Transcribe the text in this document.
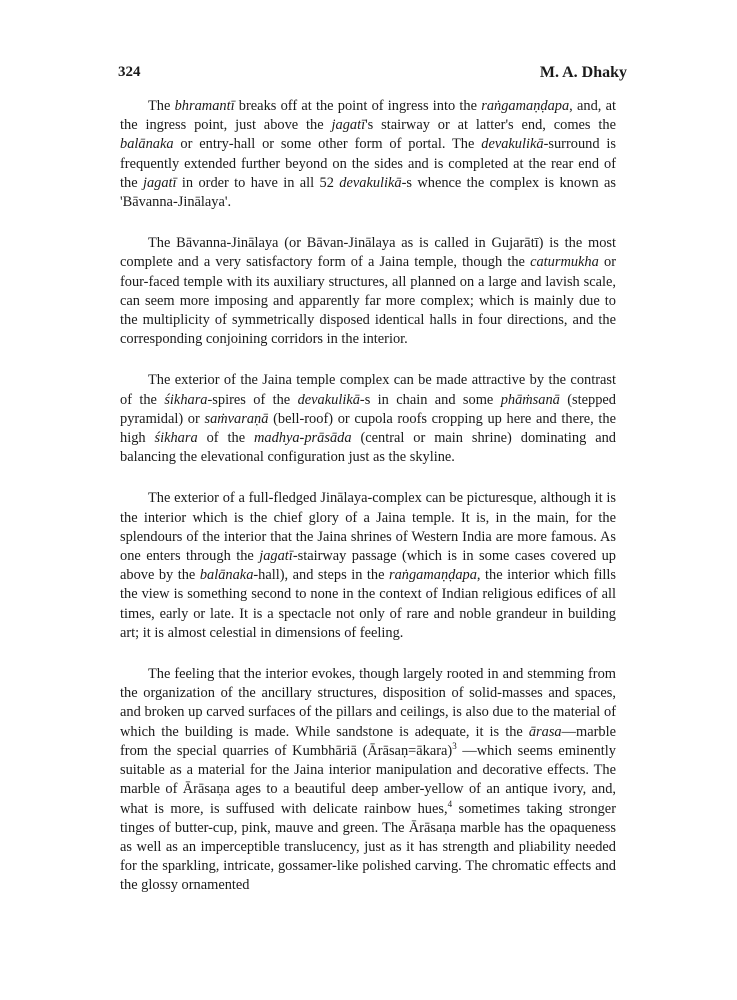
324	M. A. Dhaky

The bhramantī breaks off at the point of ingress into the raṅgamaṇḍapa, and, at the ingress point, just above the jagatī's stairway or at latter's end, comes the balānaka or entry-hall or some other form of portal. The devakulikā-surround is frequently extended further beyond on the sides and is completed at the rear end of the jagatī in order to have in all 52 devakulikā-s whence the complex is known as 'Bāvanna-Jinālaya'.

The Bāvanna-Jinālaya (or Bāvan-Jinālaya as is called in Gujarātī) is the most complete and a very satisfactory form of a Jaina temple, though the caturmukha or four-faced temple with its auxiliary structures, all planned on a large and lavish scale, can seem more imposing and apparently far more complex; which is mainly due to the multiplicity of symmetrically disposed identical halls in four directions, and the corresponding conjoining corridors in the interior.

The exterior of the Jaina temple complex can be made attractive by the contrast of the śikhara-spires of the devakulikā-s in chain and some phāṁsanā (stepped pyramidal) or saṁvaraṇā (bell-roof) or cupola roofs cropping up here and there, the high śikhara of the madhya-prāsāda (central or main shrine) dominating and balancing the elevational configuration just as the skyline.

The exterior of a full-fledged Jinālaya-complex can be picturesque, although it is the interior which is the chief glory of a Jaina temple. It is, in the main, for the splendours of the interior that the Jaina shrines of Western India are more famous. As one enters through the jagatī-stairway passage (which is in some cases covered up above by the balānaka-hall), and steps in the raṅgamaṇḍapa, the interior which fills the view is something second to none in the context of Indian religious edifices of all times, early or late. It is a spectacle not only of rare and noble grandeur in building art; it is almost celestial in dimensions of feeling.

The feeling that the interior evokes, though largely rooted in and stemming from the organization of the ancillary structures, disposition of solid-masses and spaces, and broken up carved surfaces of the pillars and ceilings, is also due to the material of which the building is made. While sandstone is adequate, it is the ārasa—marble from the special quarries of Kumbhāriā (Ārāsaṇ=ākara)$^3$ —which seems eminently suitable as a material for the Jaina interior manipulation and decorative effects. The marble of Ārāsaṇa ages to a beautiful deep amber-yellow of an antique ivory, and, what is more, is suffused with delicate rainbow hues,$^4$ sometimes taking stronger tinges of butter-cup, pink, mauve and green. The Ārāsaṇa marble has the opaqueness as well as an imperceptible translucency, just as it has strength and pliability needed for the sparkling, intricate, gossamer-like polished carving. The chromatic effects and the glossy ornamented
